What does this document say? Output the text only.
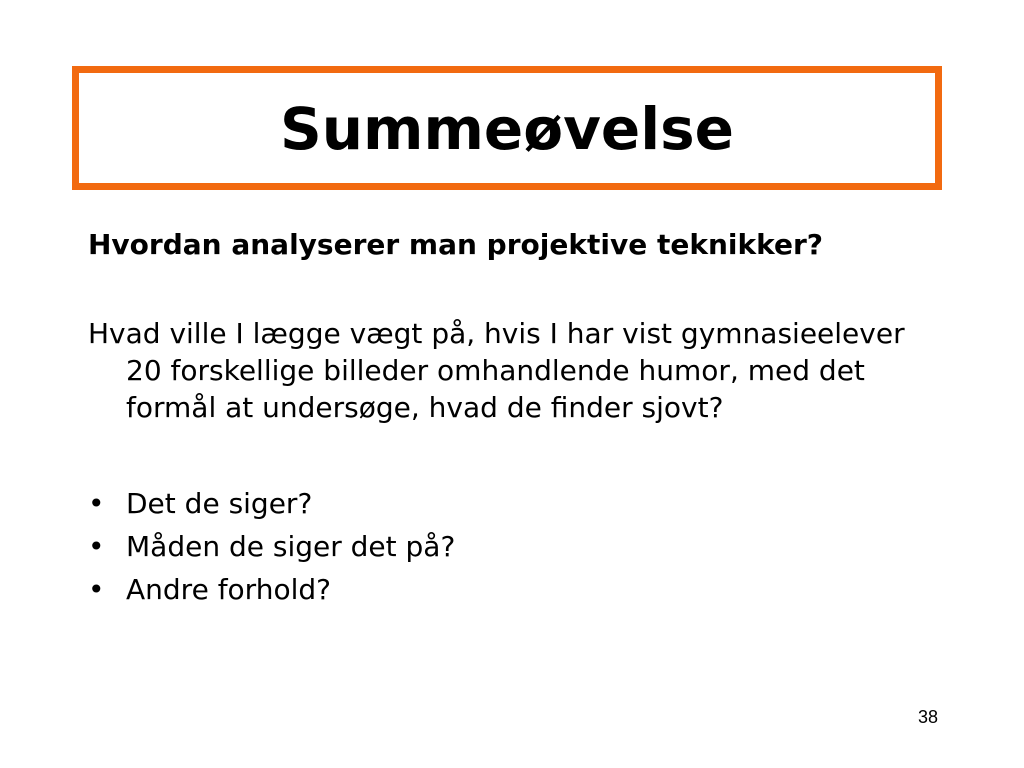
Summeøvelse

Hvordan analyserer man projektive teknikker?

Hvad ville I lægge vægt på, hvis I har vist gymnasieelever 20 forskellige billeder omhandlende humor, med det formål at undersøge, hvad de finder sjovt?

• Det de siger?
• Måden de siger det på?
• Andre forhold?
38
